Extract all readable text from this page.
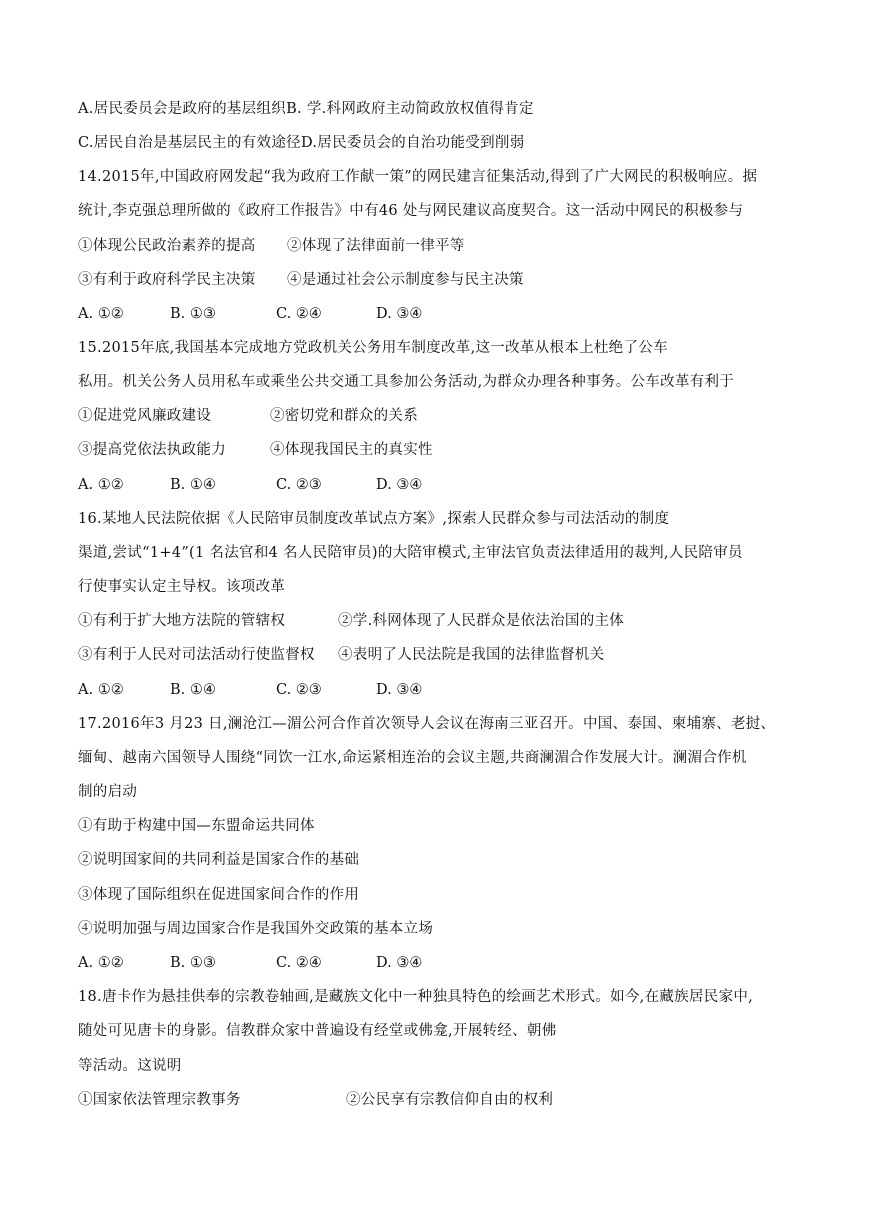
A.居民委员会是政府的基层组织B. 学.科网政府主动简政放权值得肯定
C.居民自治是基层民主的有效途径D.居民委员会的自治功能受到削弱
14.2015年,中国政府网发起“我为政府工作献一策”的网民建言征集活动,得到了广大网民的积极响应。据
统计,李克强总理所做的《政府工作报告》中有46 处与网民建议高度契合。这一活动中网民的积极参与
①体现公民政治素养的提高 ②体现了法律面前一律平等
③有利于政府科学民主决策 ④是通过社会公示制度参与民主决策
A. ①②	B. ①③	C. ②④	D. ③④
15.2015年底,我国基本完成地方党政机关公务用车制度改革,这一改革从根本上杜绝了公车
私用。机关公务人员用私车或乘坐公共交通工具参加公务活动,为群众办理各种事务。公车改革有利于
①促进党风廉政建设	②密切党和群众的关系
③提高党依法执政能力	④体现我国民主的真实性
A. ①②	B. ①④	C. ②③	D. ③④
16.某地人民法院依据《人民陪审员制度改革试点方案》,探索人民群众参与司法活动的制度
渠道,尝试“1+4”(1 名法官和4 名人民陪审员)的大陪审模式,主审法官负责法律适用的裁判,人民陪审员
行使事实认定主导权。该项改革
①有利于扩大地方法院的管辖权	②学.科网体现了人民群众是依法治国的主体
③有利于人民对司法活动行使监督权 ④表明了人民法院是我国的法律监督机关
A. ①②	B. ①④	C. ②③	D. ③④
17.2016年3 月23 日,澜沧江—湄公河合作首次领导人会议在海南三亚召开。中国、泰国、柬埔寨、老挝、
缅甸、越南六国领导人围绕“同饮一江水,命运紧相连治的会议主题,共商澜湄合作发展大计。澜湄合作机
制的启动
①有助于构建中国—东盟命运共同体
②说明国家间的共同利益是国家合作的基础
③体现了国际组织在促进国家间合作的作用
④说明加强与周边国家合作是我国外交政策的基本立场
A. ①②	B. ①③	C. ②④	D. ③④
18.唐卡作为悬挂供奉的宗教卷轴画,是藏族文化中一种独具特色的绘画艺术形式。如今,在藏族居民家中,
随处可见唐卡的身影。信教群众家中普遍设有经堂或佛龛,开展转经、朝佛
等活动。这说明
①国家依法管理宗教事务	②公民享有宗教信仰自由的权利
